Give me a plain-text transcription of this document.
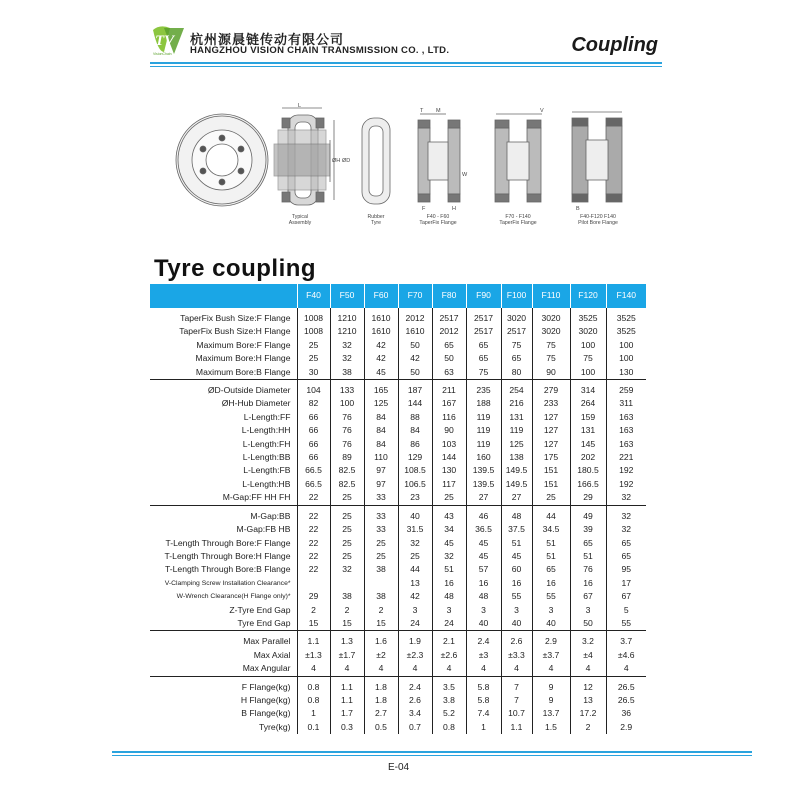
TV
VisionChain
杭州源晨链传动有限公司
HANGZHOU VISION CHAIN TRANSMISSION CO. , LTD.	Coupling
L
ØH ØD
T M
W
F	H
V
B
Typical
Assembly
Rubber
Tyre
F40 - F60
TaperFix Flange
F70 - F140
TaperFix Flange
F40-F120 F140
Pilot Bore Flange
Tyre coupling
	F40	F50	F60	F70	F80	F90	F100	F110	F120	F140
TaperFix Bush Size:F Flange	1008	1210	1610	2012	2517	2517	3020	3020	3525	3525
TaperFix Bush Size:H Flange	1008	1210	1610	1610	2012	2517	2517	3020	3020	3525
Maximum Bore:F Flange	25	32	42	50	65	65	75	75	100	100
Maximum Bore:H Flange	25	32	42	42	50	65	65	75	75	100
Maximum Bore:B Flange	30	38	45	50	63	75	80	90	100	130
ØD-Outside Diameter	104	133	165	187	211	235	254	279	314	259
ØH-Hub Diameter	82	100	125	144	167	188	216	233	264	311
L-Length:FF	66	76	84	88	116	119	131	127	159	163
L-Length:HH	66	76	84	84	90	119	119	127	131	163
L-Length:FH	66	76	84	86	103	119	125	127	145	163
L-Length:BB	66	89	110	129	144	160	138	175	202	221
L-Length:FB	66.5	82.5	97	108.5	130	139.5	149.5	151	180.5	192
L-Length:HB	66.5	82.5	97	106.5	117	139.5	149.5	151	166.5	192
M-Gap:FF HH FH	22	25	33	23	25	27	27	25	29	32
M-Gap:BB	22	25	33	40	43	46	48	44	49	32
M-Gap:FB HB	22	25	33	31.5	34	36.5	37.5	34.5	39	32
T-Length Through Bore:F Flange	22	25	25	32	45	45	51	51	65	65
T-Length Through Bore:H Flange	22	25	25	25	32	45	45	51	51	65
T-Length Through Bore:B Flange	22	32	38	44	51	57	60	65	76	95
V-Clamping Screw Installation Clearance*				13	16	16	16	16	16	17
W-Wrench Clearance(H Flange only)*	29	38	38	42	48	48	55	55	67	67
Z-Tyre End Gap	2	2	2	3	3	3	3	3	3	5
Tyre End Gap	15	15	15	24	24	40	40	40	50	55
Max Parallel	1.1	1.3	1.6	1.9	2.1	2.4	2.6	2.9	3.2	3.7
Max Axial	±1.3	±1.7	±2	±2.3	±2.6	±3	±3.3	±3.7	±4	±4.6
Max Angular	4	4	4	4	4	4	4	4	4	4
F Flange(kg)	0.8	1.1	1.8	2.4	3.5	5.8	7	9	12	26.5
H Flange(kg)	0.8	1.1	1.8	2.6	3.8	5.8	7	9	13	26.5
B Flange(kg)	1	1.7	2.7	3.4	5.2	7.4	10.7	13.7	17.2	36
Tyre(kg)	0.1	0.3	0.5	0.7	0.8	1	1.1	1.5	2	2.9
E-04
